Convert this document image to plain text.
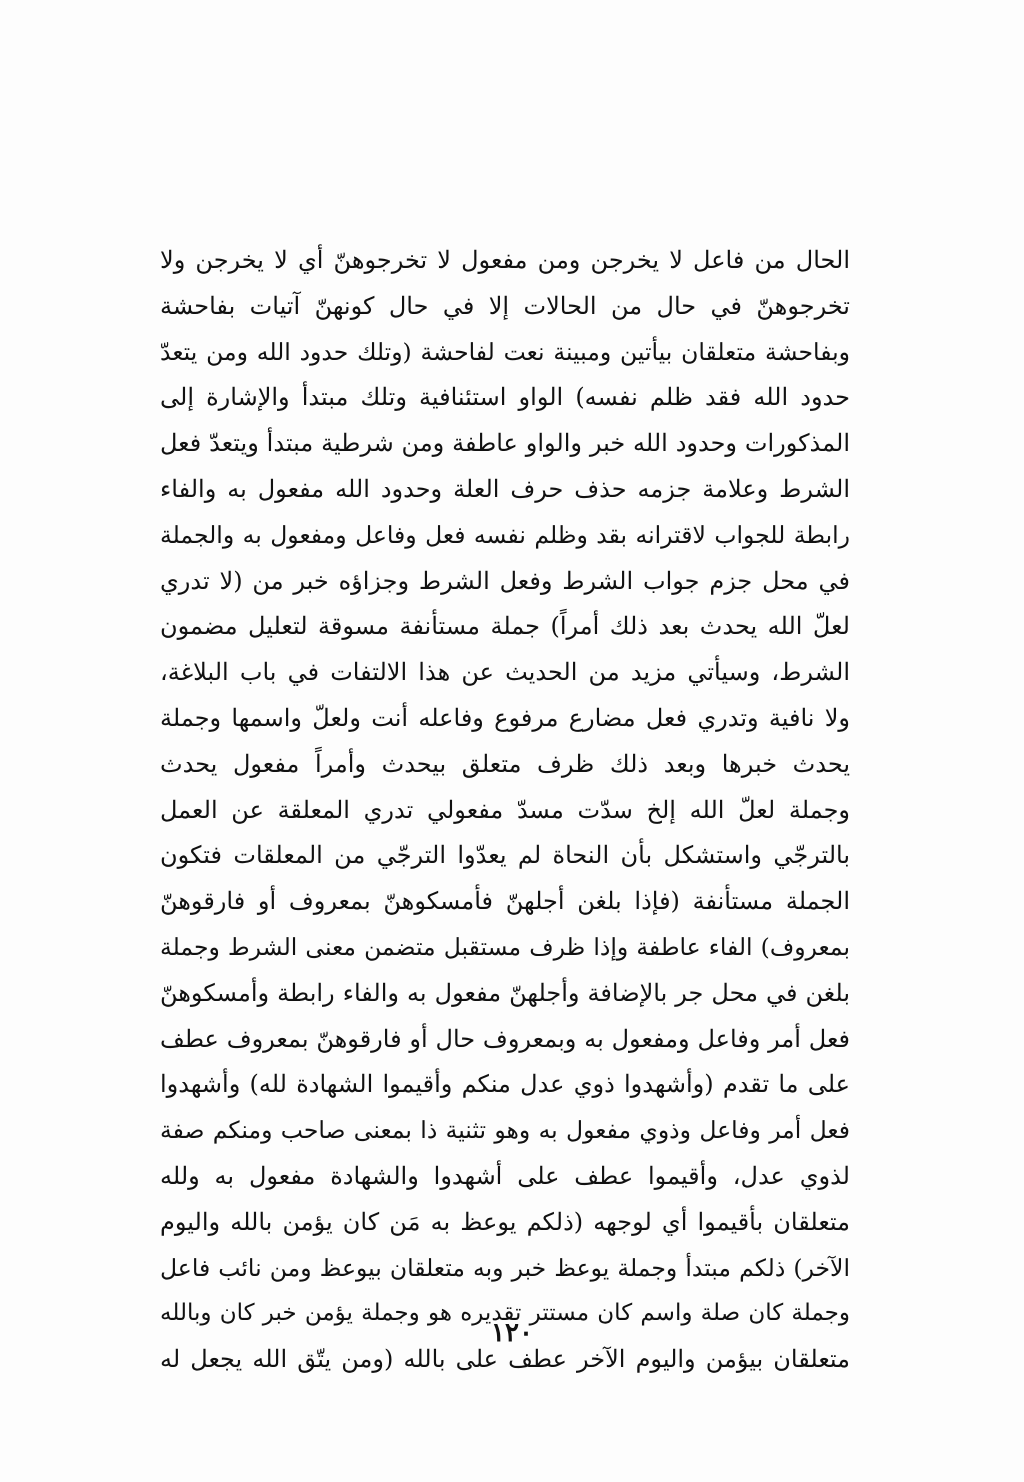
الحال من فاعل لا يخرجن ومن مفعول لا تخرجوهنّ أي لا يخرجن ولا
تخرجوهنّ في حال من الحالات إلا في حال كونهنّ آتيات بفاحشة
وبفاحشة متعلقان بيأتين ومبينة نعت لفاحشة (وتلك حدود الله ومن يتعدّ
حدود الله فقد ظلم نفسه) الواو استئنافية وتلك مبتدأ والإشارة إلى
المذكورات وحدود الله خبر والواو عاطفة ومن شرطية مبتدأ ويتعدّ فعل
الشرط وعلامة جزمه حذف حرف العلة وحدود الله مفعول به والفاء
رابطة للجواب لاقترانه بقد وظلم نفسه فعل وفاعل ومفعول به والجملة
في محل جزم جواب الشرط وفعل الشرط وجزاؤه خبر من (لا تدري
لعلّ الله يحدث بعد ذلك أمراً) جملة مستأنفة مسوقة لتعليل مضمون
الشرط، وسيأتي مزيد من الحديث عن هذا الالتفات في باب البلاغة،
ولا نافية وتدري فعل مضارع مرفوع وفاعله أنت ولعلّ واسمها وجملة
يحدث خبرها وبعد ذلك ظرف متعلق بيحدث وأمراً مفعول يحدث
وجملة لعلّ الله إلخ سدّت مسدّ مفعولي تدري المعلقة عن العمل
بالترجّي واستشكل بأن النحاة لم يعدّوا الترجّي من المعلقات فتكون
الجملة مستأنفة (فإذا بلغن أجلهنّ فأمسكوهنّ بمعروف أو فارقوهنّ
بمعروف) الفاء عاطفة وإذا ظرف مستقبل متضمن معنى الشرط وجملة
بلغن في محل جر بالإضافة وأجلهنّ مفعول به والفاء رابطة وأمسكوهنّ
فعل أمر وفاعل ومفعول به وبمعروف حال أو فارقوهنّ بمعروف عطف
على ما تقدم (وأشهدوا ذوي عدل منكم وأقيموا الشهادة لله) وأشهدوا
فعل أمر وفاعل وذوي مفعول به وهو تثنية ذا بمعنى صاحب ومنكم صفة
لذوي عدل، وأقيموا عطف على أشهدوا والشهادة مفعول به ولله
متعلقان بأقيموا أي لوجهه (ذلكم يوعظ به مَن كان يؤمن بالله واليوم
الآخر) ذلكم مبتدأ وجملة يوعظ خبر وبه متعلقان بيوعظ ومن نائب فاعل
وجملة كان صلة واسم كان مستتر تقديره هو وجملة يؤمن خبر كان وبالله
متعلقان بيؤمن واليوم الآخر عطف على بالله (ومن يتّق الله يجعل له
١٢٠
